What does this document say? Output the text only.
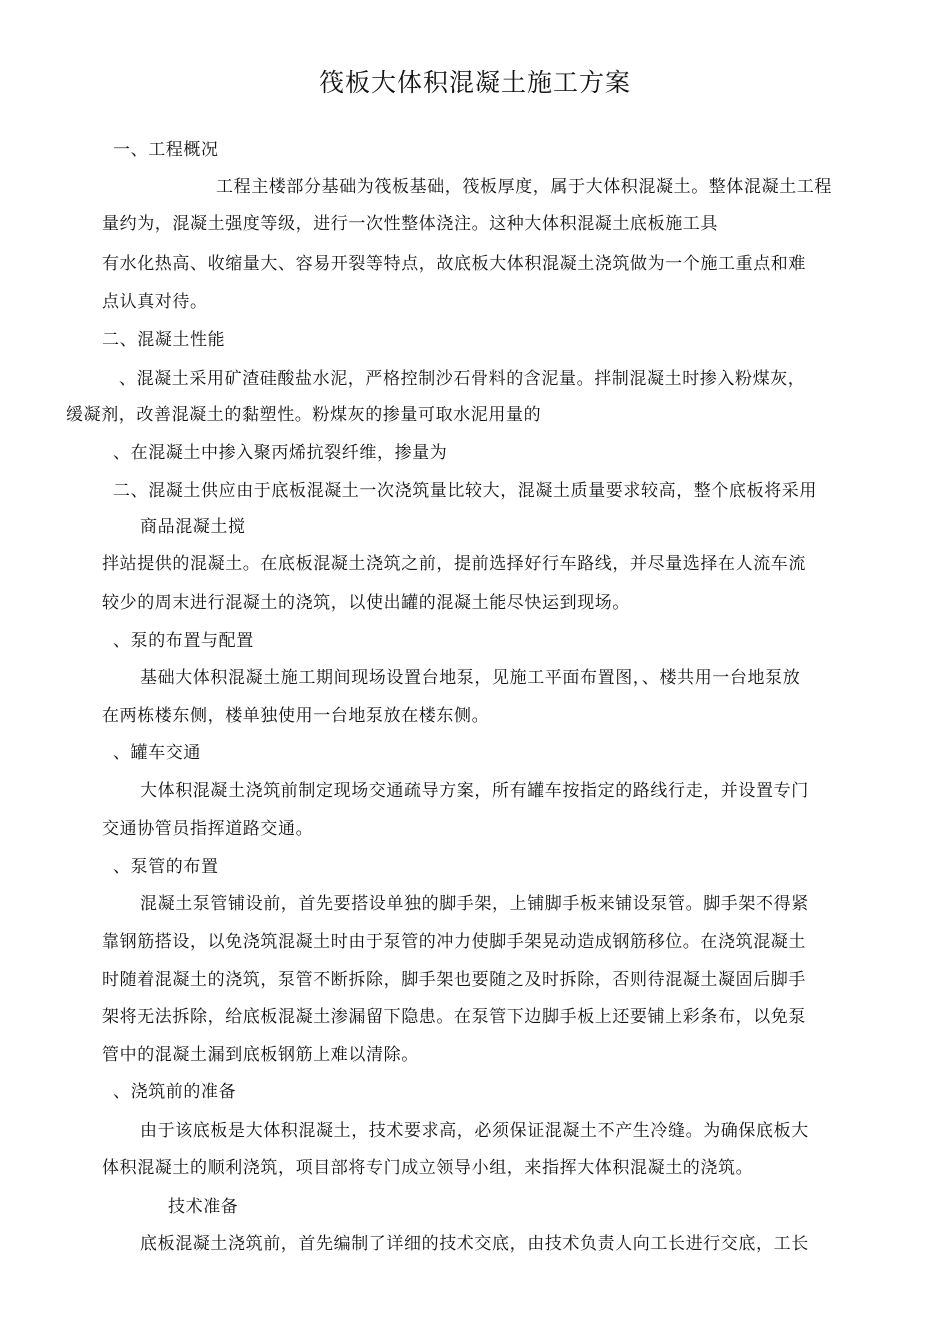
筏板大体积混凝土施工方案
一、工程概况
工程主楼部分基础为筏板基础，筏板厚度，属于大体积混凝土。整体混凝土工程
量约为，混凝土强度等级，进行一次性整体浇注。这种大体积混凝土底板施工具
有水化热高、收缩量大、容易开裂等特点，故底板大体积混凝土浇筑做为一个施工重点和难
点认真对待。
二、混凝土性能
、混凝土采用矿渣硅酸盐水泥，严格控制沙石骨料的含泥量。拌制混凝土时掺入粉煤灰，
缓凝剂，改善混凝土的黏塑性。粉煤灰的掺量可取水泥用量的
、在混凝土中掺入聚丙烯抗裂纤维，掺量为
二、混凝土供应由于底板混凝土一次浇筑量比较大，混凝土质量要求较高，整个底板将采用
商品混凝土搅
拌站提供的混凝土。在底板混凝土浇筑之前，提前选择好行车路线，并尽量选择在人流车流
较少的周末进行混凝土的浇筑，以使出罐的混凝土能尽快运到现场。
、泵的布置与配置
基础大体积混凝土施工期间现场设置台地泵，见施工平面布置图，、楼共用一台地泵放
在两栋楼东侧，楼单独使用一台地泵放在楼东侧。
、罐车交通
大体积混凝土浇筑前制定现场交通疏导方案，所有罐车按指定的路线行走，并设置专门
交通协管员指挥道路交通。
、泵管的布置
混凝土泵管铺设前，首先要搭设单独的脚手架，上铺脚手板来铺设泵管。脚手架不得紧
靠钢筋搭设，以免浇筑混凝土时由于泵管的冲力使脚手架晃动造成钢筋移位。在浇筑混凝土
时随着混凝土的浇筑，泵管不断拆除，脚手架也要随之及时拆除，否则待混凝土凝固后脚手
架将无法拆除，给底板混凝土渗漏留下隐患。在泵管下边脚手板上还要铺上彩条布，以免泵
管中的混凝土漏到底板钢筋上难以清除。
、浇筑前的准备
由于该底板是大体积混凝土，技术要求高，必须保证混凝土不产生冷缝。为确保底板大
体积混凝土的顺利浇筑，项目部将专门成立领导小组，来指挥大体积混凝土的浇筑。
技术准备
底板混凝土浇筑前，首先编制了详细的技术交底，由技术负责人向工长进行交底，工长
